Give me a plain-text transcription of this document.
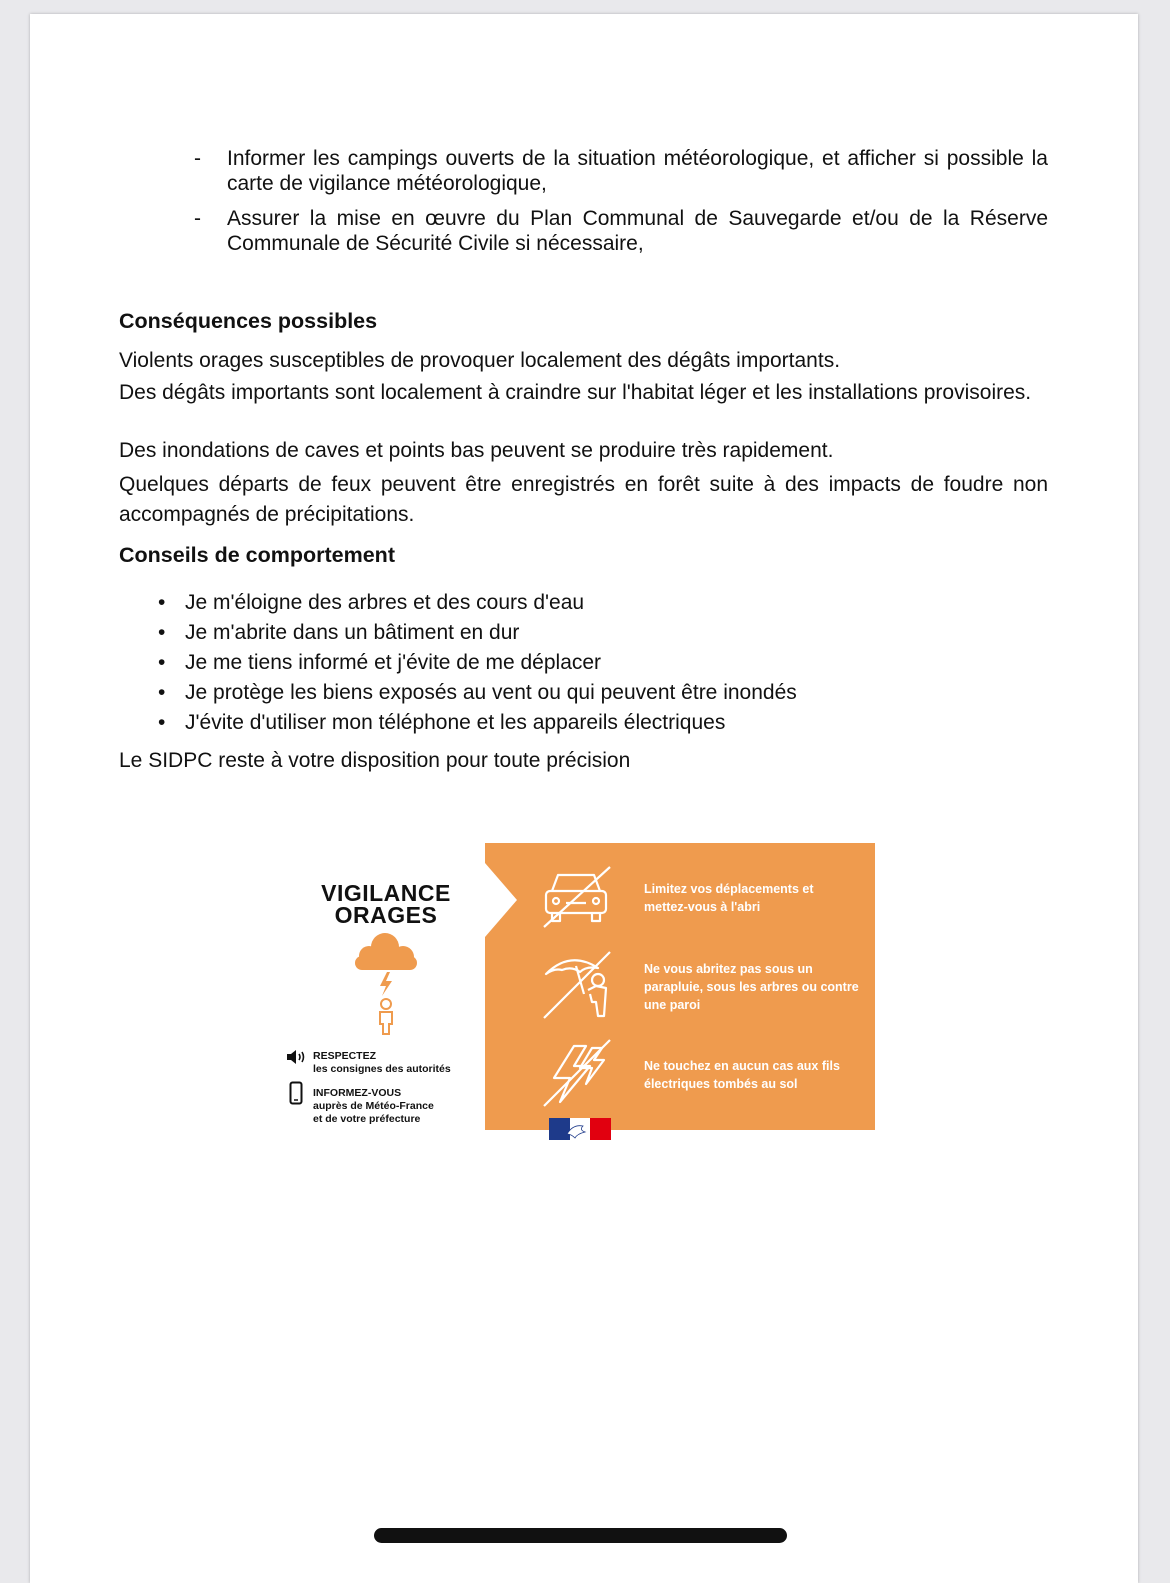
- Informer les campings ouverts de la situation météorologique, et afficher si possible la carte de vigilance météorologique,
- Assurer la mise en œuvre du Plan Communal de Sauvegarde et/ou de la Réserve Communale de Sécurité Civile si nécessaire,
Conséquences possibles
Violents orages susceptibles de provoquer localement des dégâts importants.
Des dégâts importants sont localement à craindre sur l'habitat léger et les installations provisoires.
Des inondations de caves et points bas peuvent se produire très rapidement.
Quelques départs de feux peuvent être enregistrés en forêt suite à des impacts de foudre non accompagnés de précipitations.
Conseils de comportement
• Je m'éloigne des arbres et des cours d'eau
• Je m'abrite dans un bâtiment en dur
• Je me tiens informé et j'évite de me déplacer
• Je protège les biens exposés au vent ou qui peuvent être inondés
• J'évite d'utiliser mon téléphone et les appareils électriques
Le SIDPC reste à votre disposition pour toute précision
VIGILANCE
ORAGES
RESPECTEZ
les consignes des autorités
INFORMEZ-VOUS
auprès de Météo-France
et de votre préfecture
Limitez vos déplacements et mettez-vous à l'abri
Ne vous abritez pas sous un parapluie, sous les arbres ou contre une paroi
Ne touchez en aucun cas aux fils électriques tombés au sol
